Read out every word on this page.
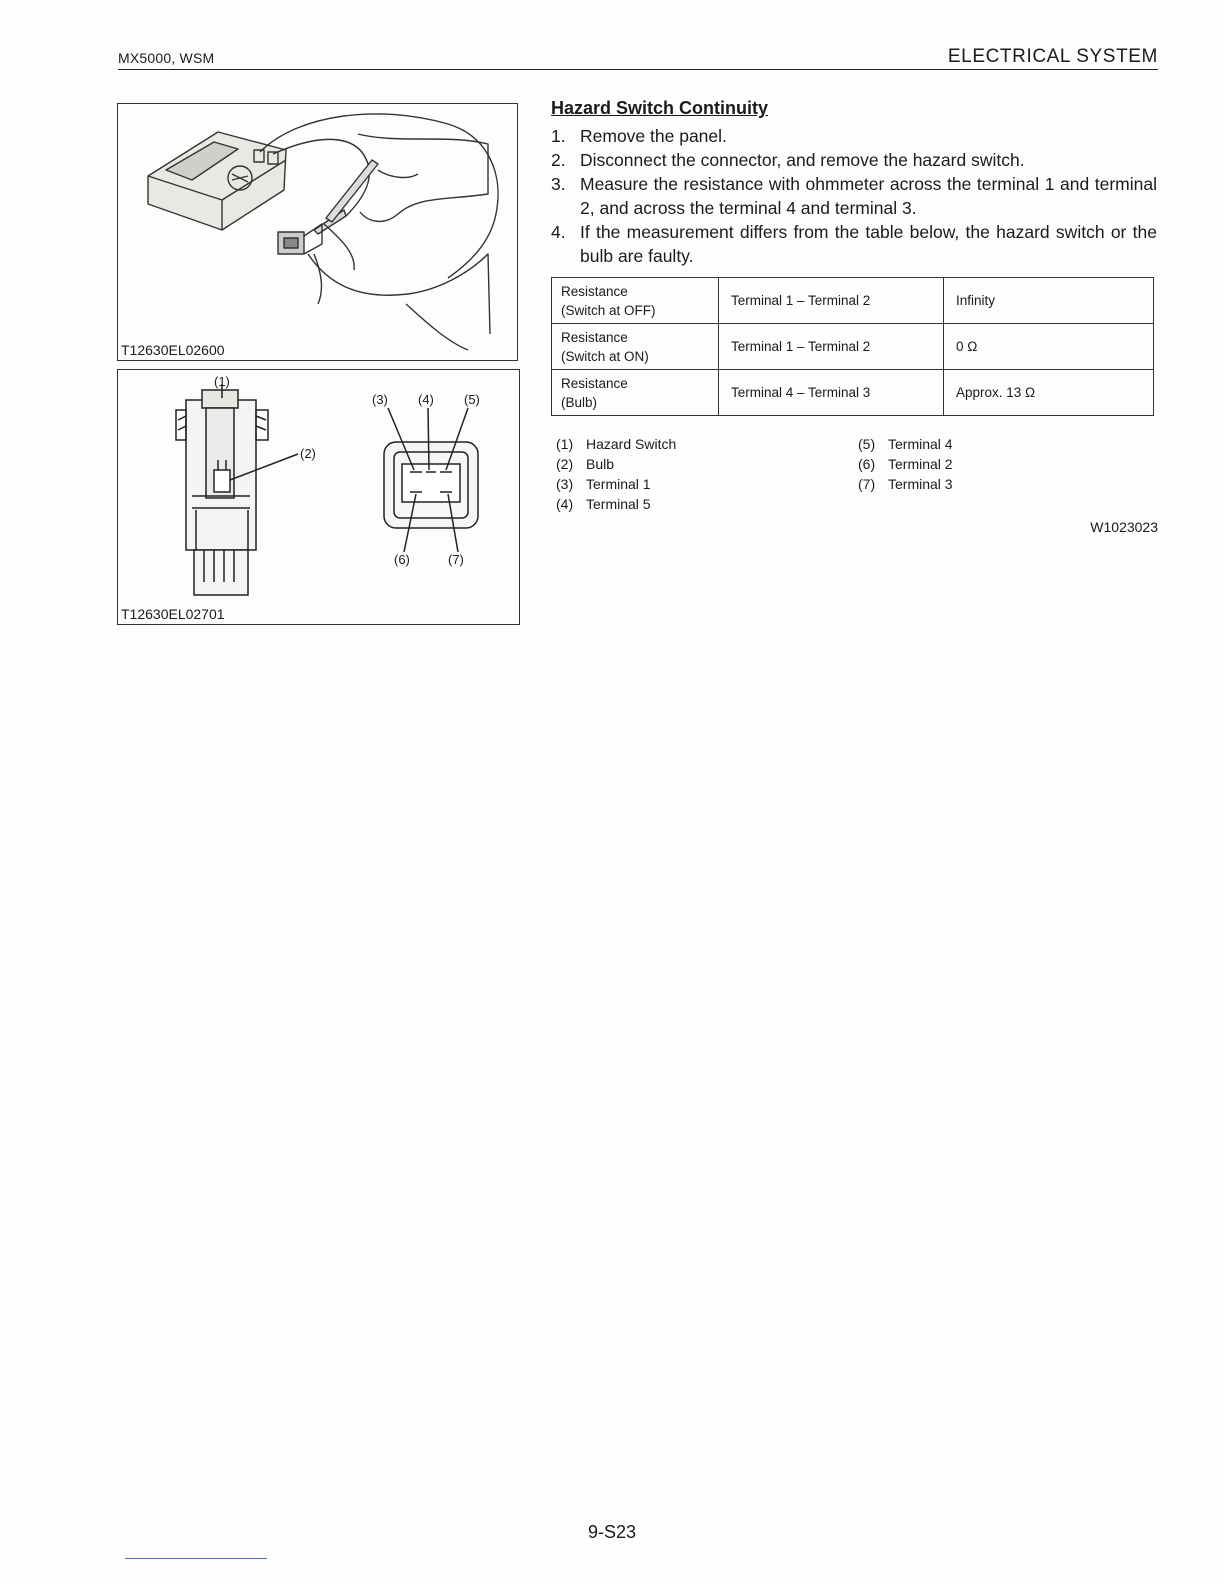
MX5000, WSM	ELECTRICAL SYSTEM
T12630EL02600
(1)
(2)
(3) (4) (5)
(6)	(7)
T12630EL02701
Hazard Switch Continuity
1. Remove the panel.
2. Disconnect the connector, and remove the hazard switch.
3. Measure the resistance with ohmmeter across the terminal 1 and terminal 2, and across the terminal 4 and terminal 3.
4. If the measurement differs from the table below, the hazard switch or the bulb are faulty.
Resistance
(Switch at OFF)	Terminal 1 – Terminal 2	Infinity
Resistance
(Switch at ON)	Terminal 1 – Terminal 2	0 Ω
Resistance
(Bulb)	Terminal 4 – Terminal 3	Approx. 13 Ω
(1) Hazard Switch
(2) Bulb
(3) Terminal 1
(4) Terminal 5
(5) Terminal 4
(6) Terminal 2
(7) Terminal 3
W1023023
9-S23
